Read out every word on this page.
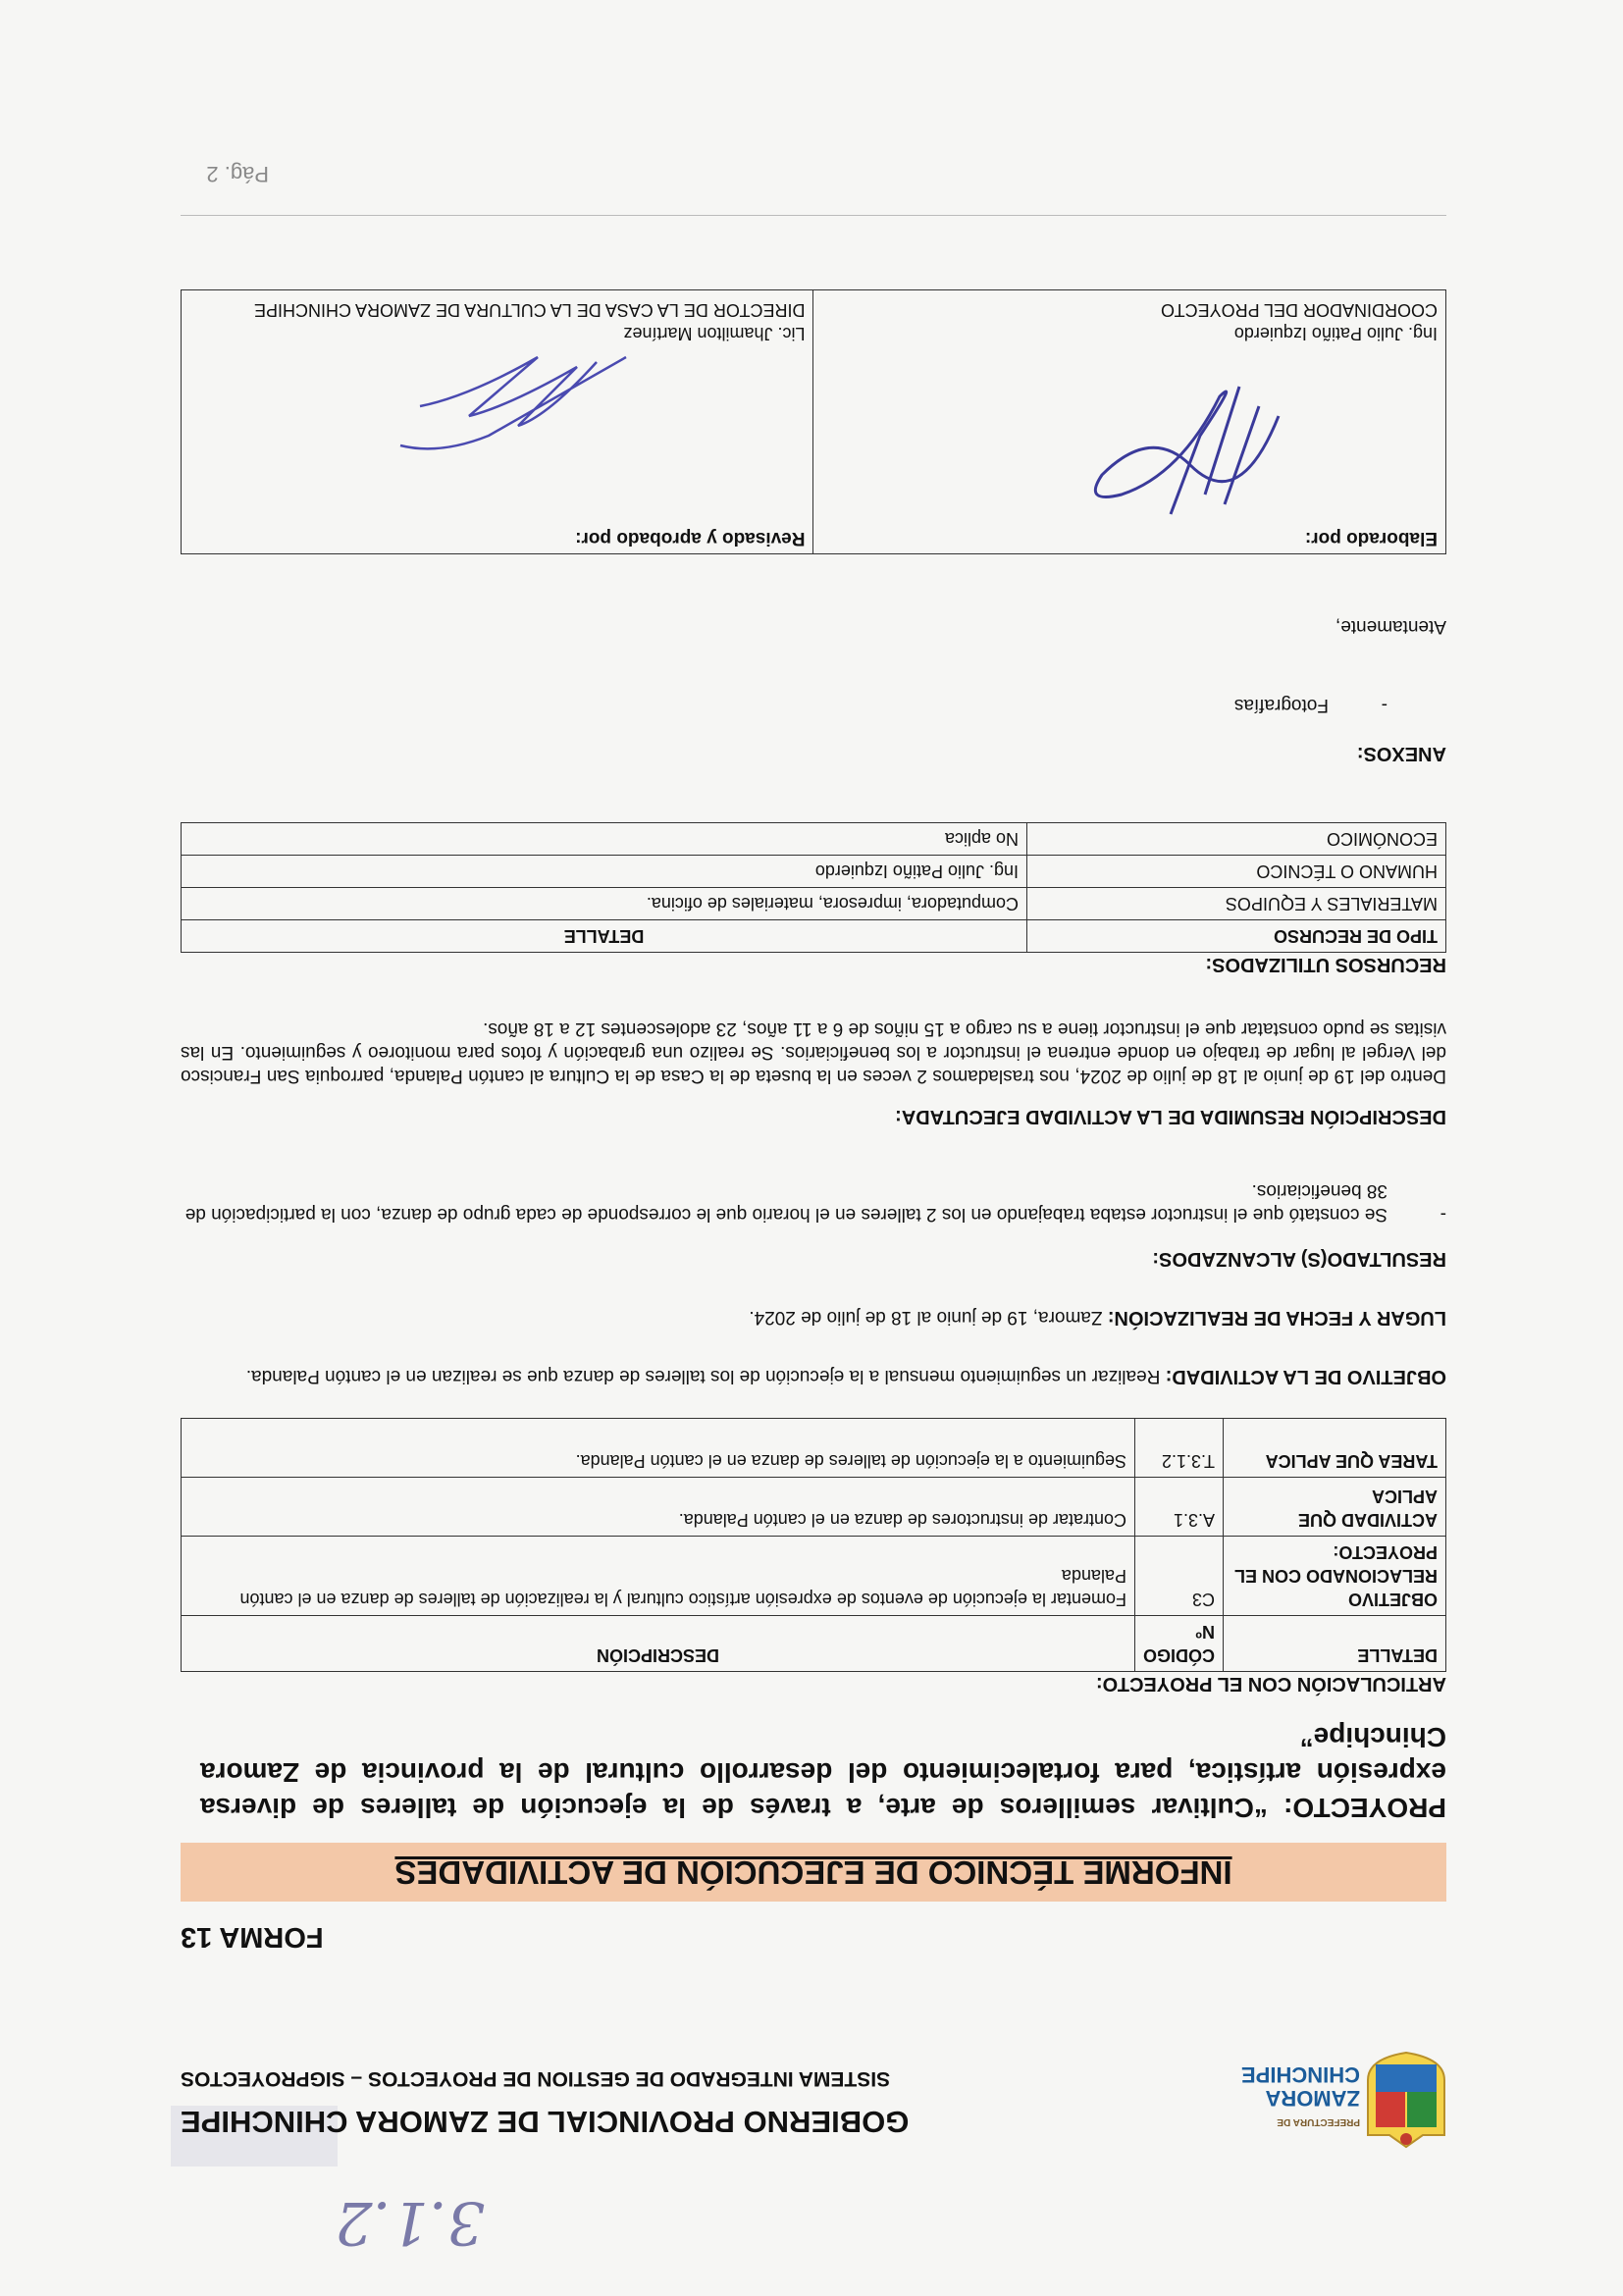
3.1.2
PREFECTURA DE
ZAMORA
CHINCHIPE
GOBIERNO PROVINCIAL DE ZAMORA CHINCHIPE
SISTEMA INTEGRADO DE GESTION DE PROYECTOS – SIGPROYECTOS
FORMA 13
INFORME TÉCNICO DE EJECUCIÓN DE ACTIVIDADES
PROYECTO: “Cultivar semilleros de arte, a través de la ejecución de talleres de diversa expresión artística, para fortalecimiento del desarrollo cultural de la provincia de Zamora Chinchipe”
ARTICULACIÓN CON EL PROYECTO:
DETALLE	CÓDIGO Nº	DESCRIPCIÓN
OBJETIVO RELACIONADO CON EL PROYECTO:	C3	Fomentar la ejecución de eventos de expresión artístico cultural y la realización de talleres de danza en el cantón Palanda
ACTIVIDAD QUE APLICA	A.3.1	Contratar de instructores de danza en el cantón Palanda.
TAREA QUE APLICA	T.3.1.2	Seguimiento a la ejecución de talleres de danza en el cantón Palanda.
OBJETIVO DE LA ACTIVIDAD: Realizar un seguimiento mensual a la ejecución de los talleres de danza que se realizan en el cantón Palanda.
LUGAR Y FECHA DE REALIZACIÓN: Zamora, 19 de junio al 18 de julio de 2024.
RESULTADO(S) ALCANZADOS:
- Se constató que el instructor estaba trabajando en los 2 talleres en el horario que le corresponde de cada grupo de danza, con la participación de 38 beneficiarios.
DESCRIPCIÓN RESUMIDA DE LA ACTIVIDAD EJECUTADA:
Dentro del 19 de junio al 18 de julio de 2024, nos trasladamos 2 veces en la buseta de la Casa de la Cultura al cantón Palanda, parroquia San Francisco del Vergel al lugar de trabajo en donde entrena el instructor a los beneficiarios. Se realizo una grabación y fotos para monitoreo y seguimiento. En las visitas se pudo constatar que el instructor tiene a su cargo a 15 niños de 6 a 11 años, 23 adolescentes 12 a 18 años.
RECURSOS UTILIZADOS:
TIPO DE RECURSO	DETALLE
MATERIALES Y EQUIPOS	Computadora, impresora, materiales de oficina.
HUMANO O TÉCNICO	Ing. Julio Patiño Izquierdo
ECONÓMICO	No aplica
ANEXOS:
- Fotografías
Atentamente,
Elaborado por:
Ing. Julio Patiño Izquierdo
COORDINADOR DEL PROYECTO

Revisado y aprobado por:
Lic. Jhamilton Martínez
DIRECTOR DE LA CASA DE LA CULTURA DE ZAMORA CHINCHIPE
Pág. 2
